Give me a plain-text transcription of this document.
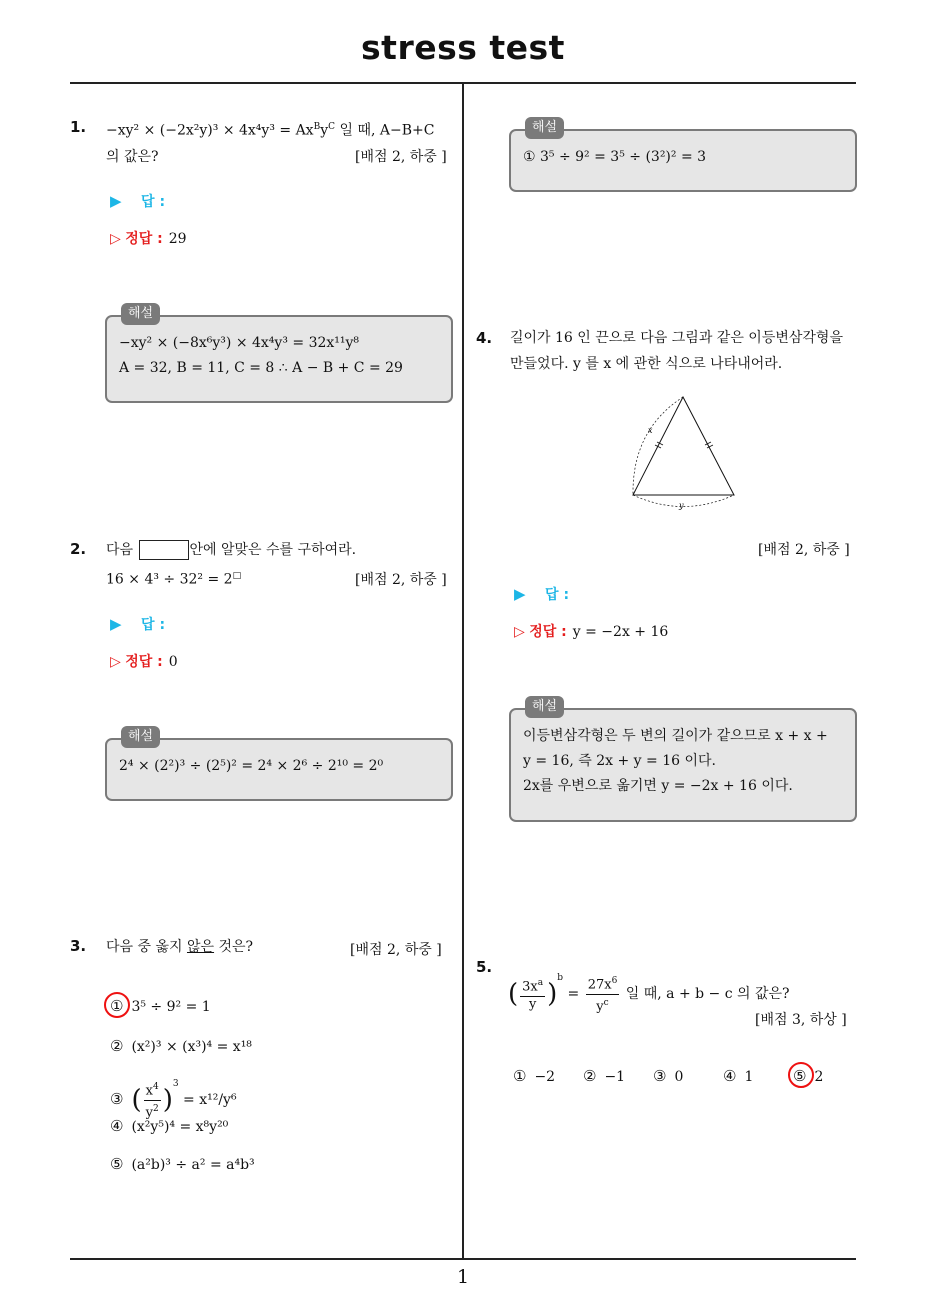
stress test
1
1. $-xy^2 \times (-2x^2y)^3 \times 4x^4y^3 = Ax^By^C$ 일 때, A−B+C
의 값은?	[배점 2, 하중 ]
▶ 답 :
▷ 정답 : 29
해설
−xy² × (−8x⁶y³) × 4x⁴y³ = 32x¹¹y⁸
A = 32, B = 11, C = 8 ∴ A − B + C = 29
2. 다음	안에 알맞은 수를 구하여라.
16 × 4³ ÷ 32² = 2□	[배점 2, 하중 ]
▶ 답 :
▷ 정답 : 0
해설
2⁴ × (2²)³ ÷ (2⁵)² = 2⁴ × 2⁶ ÷ 2¹⁰ = 2⁰
3. 다음 중 옳지 않은 것은?	[배점 2, 하중 ]
① 3⁵ ÷ 9² = 1
② (x²)³ × (x³)⁴ = x¹⁸
③ ( $\frac{x^4}{y^2} )^3 = x^{12}/y^6$
④ (x²y⁵)⁴ = x⁸y²⁰
⑤ (a²b)³ ÷ a² = a⁴b³
해설
① 3⁵ ÷ 9² = 3⁵ ÷ (3²)² = 3
4. 길이가 16 인 끈으로 다음 그림과 같은 이등변삼각형을
만들었다. y 를 x 에 관한 식으로 나타내어라.
x
y
[배점 2, 하중 ]
▶ 답 :
▷ 정답 : y = −2x + 16
해설
이등변삼각형은 두 변의 길이가 같으므로 x + x +
y = 16, 즉 2x + y = 16 이다.
2x를 우변으로 옮기면 y = −2x + 16 이다.
5.
( $\frac{3x^a}{y} )^b = \frac{27x^6}{y^c}$ 일 때, a + b − c 의 값은?
[배점 3, 하상 ]
① −2 ② −1 ③ 0	④ 1	⑤ 2
